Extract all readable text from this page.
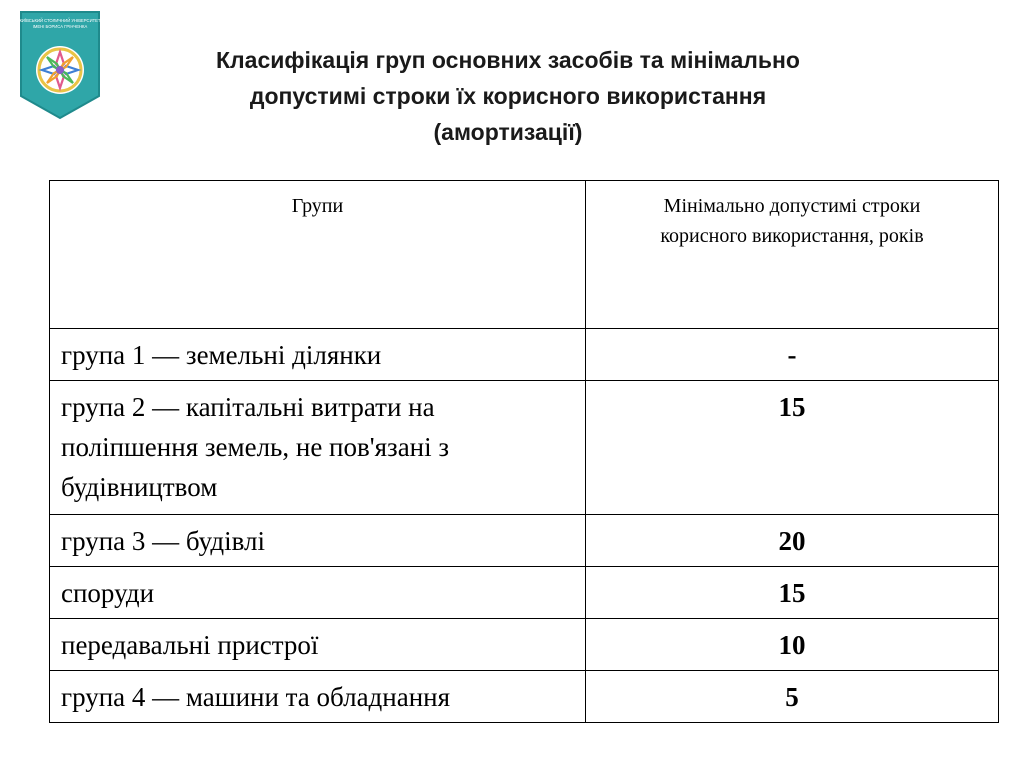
КИЇВСЬКИЙ СТОЛИЧНИЙ УНІВЕРСИТЕТ
ІМЕНІ БОРИСА ГРІНЧЕНКА
Класифікація груп основних засобів та мінімально
допустимі строки їх корисного використання
(амортизації)
Групи	Мінімально допустимі строки
корисного використання, років
група 1 — земельні ділянки	-
група 2 — капітальні витрати на поліпшення земель, не пов'язані з будівництвом	15
група 3 — будівлі	20
споруди	15
передавальні пристрої	10
група 4 — машини та обладнання	5
